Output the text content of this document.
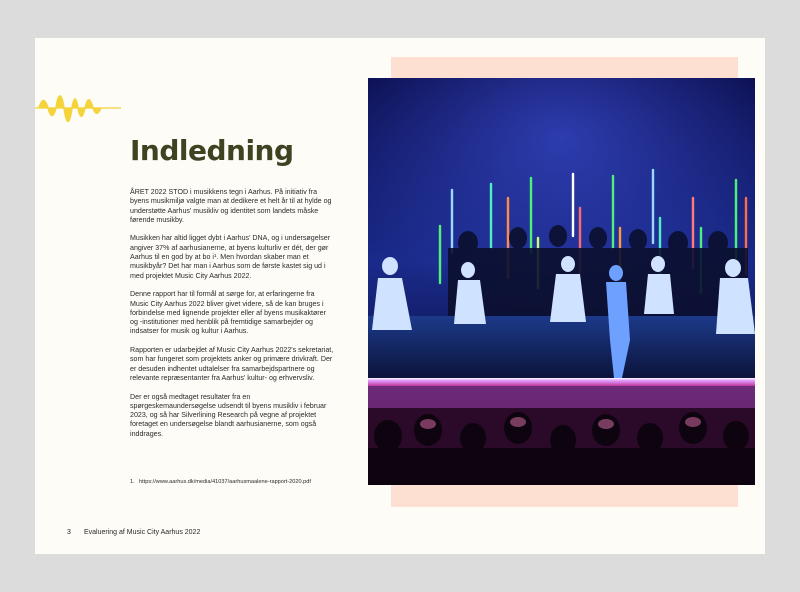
Indledning

ÅRET 2022 STOD i musikkens tegn i Aarhus. På initiativ fra byens musikmiljø valgte man at dedikere et helt år til at hylde og understøtte Aarhus' musikliv og identitet som landets måske førende musikby.

Musikken har altid ligget dybt i Aarhus' DNA, og i undersøgelser angiver 37% af aarhusianerne, at byens kulturliv er dét, der gør Aarhus til en god by at bo i¹. Men hvordan skaber man et musikbyår? Det har man i Aarhus som de første kastet sig ud i med projektet Music City Aarhus 2022.

Denne rapport har til formål at sørge for, at erfaringerne fra Music City Aarhus 2022 bliver givet videre, så de kan bruges i forbindelse med lignende projekter eller af byens musikaktører og -institutioner med henblik på fremtidige samarbejder og indsatser for musik og kultur i Aarhus.

Rapporten er udarbejdet af Music City Aarhus 2022's sekretariat, som har fungeret som projektets anker og primære drivkraft. Der er desuden indhentet udtalelser fra samarbejdspartnere og relevante repræsentanter fra Aarhus' kultur- og erhvervsliv.

Der er også medtaget resultater fra en spørgeskemaundersøgelse udsendt til byens musikliv i februar 2023, og så har Silverlining Research på vegne af projektet foretaget en undersøgelse blandt aarhusianerne, som også inddrages.

1. https://www.aarhus.dk/media/41037/aarhusmaalene-rapport-2020.pdf
3 Evaluering af Music City Aarhus 2022
